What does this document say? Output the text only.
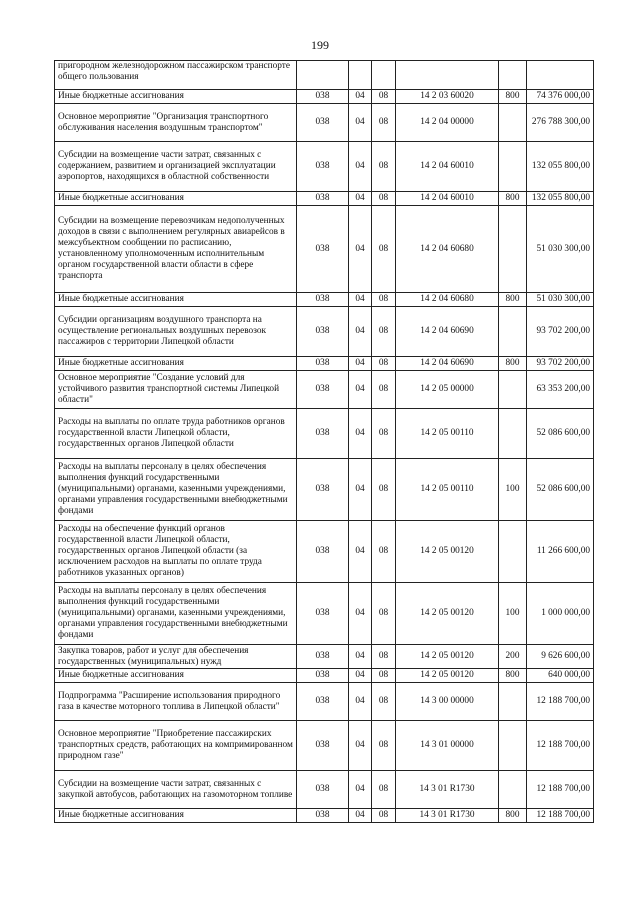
199
пригородном железнодорожном пассажирском транспорте общего пользования						
Иные бюджетные ассигнования	038	04	08	14 2 03 60020	800	74 376 000,00
Основное мероприятие "Организация транспортного обслуживания населения воздушным транспортом"	038	04	08	14 2 04 00000		276 788 300,00
Субсидии на возмещение части затрат, связанных с содержанием, развитием и организацией эксплуатации аэропортов, находящихся в областной собственности	038	04	08	14 2 04 60010		132 055 800,00
Иные бюджетные ассигнования	038	04	08	14 2 04 60010	800	132 055 800,00
Субсидии на возмещение перевозчикам недополученных доходов в связи с выполнением регулярных авиарейсов в межсубъектном сообщении по расписанию, установленному уполномоченным исполнительным органом государственной власти области в сфере транспорта	038	04	08	14 2 04 60680		51 030 300,00
Иные бюджетные ассигнования	038	04	08	14 2 04 60680	800	51 030 300,00
Субсидии организациям воздушного транспорта на осуществление региональных воздушных перевозок пассажиров с территории Липецкой области	038	04	08	14 2 04 60690		93 702 200,00
Иные бюджетные ассигнования	038	04	08	14 2 04 60690	800	93 702 200,00
Основное мероприятие "Создание условий для устойчивого развития транспортной системы Липецкой области"	038	04	08	14 2 05 00000		63 353 200,00
Расходы на выплаты по оплате труда работников органов государственной власти Липецкой области, государственных органов Липецкой области	038	04	08	14 2 05 00110		52 086 600,00
Расходы на выплаты персоналу в целях обеспечения выполнения функций государственными (муниципальными) органами, казенными учреждениями, органами управления государственными внебюджетными фондами	038	04	08	14 2 05 00110	100	52 086 600,00
Расходы на обеспечение функций органов государственной власти Липецкой области, государственных органов Липецкой области (за исключением расходов на выплаты по оплате труда работников указанных органов)	038	04	08	14 2 05 00120		11 266 600,00
Расходы на выплаты персоналу в целях обеспечения выполнения функций государственными (муниципальными) органами, казенными учреждениями, органами управления государственными внебюджетными фондами	038	04	08	14 2 05 00120	100	1 000 000,00
Закупка товаров, работ и услуг для обеспечения государственных (муниципальных) нужд	038	04	08	14 2 05 00120	200	9 626 600,00
Иные бюджетные ассигнования	038	04	08	14 2 05 00120	800	640 000,00
Подпрограмма "Расширение использования природного газа в качестве моторного топлива в Липецкой области"	038	04	08	14 3 00 00000		12 188 700,00
Основное мероприятие "Приобретение пассажирских транспортных средств, работающих на компримированном природном газе"	038	04	08	14 3 01 00000		12 188 700,00
Субсидии на возмещение части затрат, связанных с закупкой автобусов, работающих на газомоторном топливе	038	04	08	14 3 01 R1730		12 188 700,00
Иные бюджетные ассигнования	038	04	08	14 3 01 R1730	800	12 188 700,00
